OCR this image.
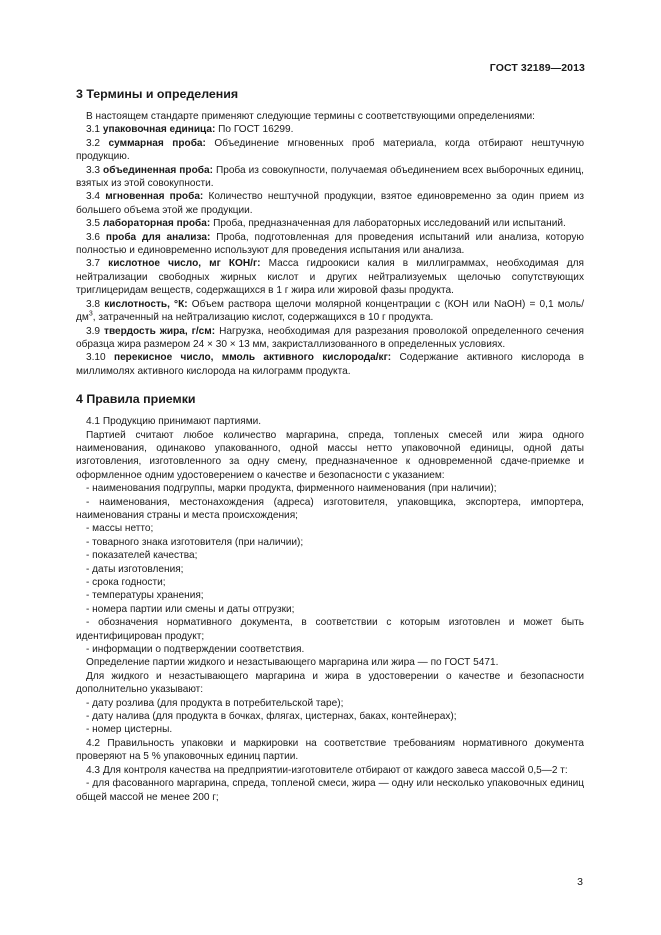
ГОСТ 32189—2013
3 Термины и определения

В настоящем стандарте применяют следующие термины с соответствующими определениями:

3.1 упаковочная единица: По ГОСТ 16299.

3.2 суммарная проба: Объединение мгновенных проб материала, когда отбирают нештучную продукцию.

3.3 объединенная проба: Проба из совокупности, получаемая объединением всех выборочных единиц, взятых из этой совокупности.

3.4 мгновенная проба: Количество нештучной продукции, взятое единовременно за один прием из большего объема этой же продукции.

3.5 лабораторная проба: Проба, предназначенная для лабораторных исследований или испытаний.

3.6 проба для анализа: Проба, подготовленная для проведения испытаний или анализа, которую полностью и единовременно используют для проведения испытания или анализа.

3.7 кислотное число, мг КОН/г: Масса гидроокиси калия в миллиграммах, необходимая для нейтрализации свободных жирных кислот и других нейтрализуемых щелочью сопутствующих триглицеридам веществ, содержащихся в 1 г жира или жировой фазы продукта.

3.8 кислотность, °К: Объем раствора щелочи молярной концентрации с (КОН или NaOH) = 0,1 моль/$дм^3$, затраченный на нейтрализацию кислот, содержащихся в 10 г продукта.

3.9 твердость жира, г/см: Нагрузка, необходимая для разрезания проволокой определенного сечения образца жира размером 24 × 30 × 13 мм, закристаллизованного в определенных условиях.

3.10 перекисное число, ммоль активного кислорода/кг: Содержание активного кислорода в миллимолях активного кислорода на килограмм продукта.

4 Правила приемки

4.1 Продукцию принимают партиями.

Партией считают любое количество маргарина, спреда, топленых смесей или жира одного наименования, одинаково упакованного, одной массы нетто упаковочной единицы, одной даты изготовления, изготовленного за одну смену, предназначенное к одновременной сдаче-приемке и оформленное одним удостоверением о качестве и безопасности с указанием:

- наименования подгруппы, марки продукта, фирменного наименования (при наличии);

- наименования, местонахождения (адреса) изготовителя, упаковщика, экспортера, импортера, наименования страны и места происхождения;

- массы нетто;

- товарного знака изготовителя (при наличии);

- показателей качества;

- даты изготовления;

- срока годности;

- температуры хранения;

- номера партии или смены и даты отгрузки;

- обозначения нормативного документа, в соответствии с которым изготовлен и может быть идентифицирован продукт;

- информации о подтверждении соответствия.

Определение партии жидкого и незастывающего маргарина или жира — по ГОСТ 5471.

Для жидкого и незастывающего маргарина и жира в удостоверении о качестве и безопасности дополнительно указывают:

- дату розлива (для продукта в потребительской таре);

- дату налива (для продукта в бочках, флягах, цистернах, баках, контейнерах);

- номер цистерны.

4.2 Правильность упаковки и маркировки на соответствие требованиям нормативного документа проверяют на 5 % упаковочных единиц партии.

4.3 Для контроля качества на предприятии-изготовителе отбирают от каждого завеса массой 0,5—2 т:

- для фасованного маргарина, спреда, топленой смеси, жира — одну или несколько упаковочных единиц общей массой не менее 200 г;

3
